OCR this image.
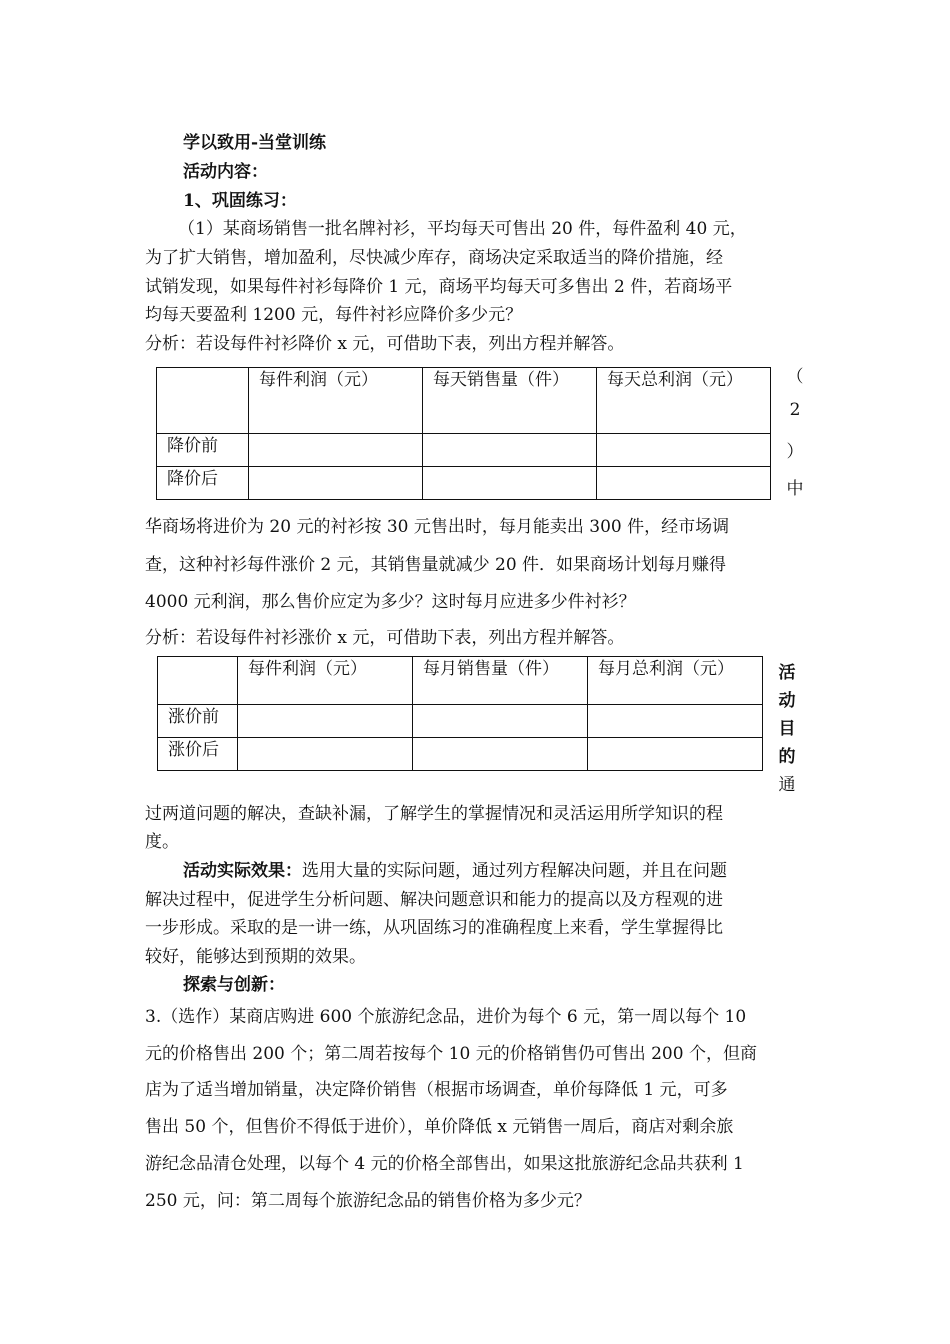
学以致用-当堂训练
活动内容：
1、巩固练习：
（1）某商场销售一批名牌衬衫，平均每天可售出 20 件，每件盈利 40 元，
为了扩大销售，增加盈利，尽快减少库存，商场决定采取适当的降价措施，经
试销发现，如果每件衬衫每降价 1 元，商场平均每天可多售出 2 件，若商场平
均每天要盈利 1200 元，每件衬衫应降价多少元？
分析：若设每件衬衫降价 x 元，可借助下表，列出方程并解答。
	每件利润（元）	每天销售量（件）	每天总利润（元）
降价前			
降价后			
（
2
）
中
华商场将进价为 20 元的衬衫按 30 元售出时，每月能卖出 300 件，经市场调
查，这种衬衫每件涨价 2 元，其销售量就减少 20 件．如果商场计划每月赚得
4000 元利润，那么售价应定为多少？这时每月应进多少件衬衫？
分析：若设每件衬衫涨价 x 元，可借助下表，列出方程并解答。
	每件利润（元）	每月销售量（件）	每月总利润（元）
涨价前			
涨价后			
活
动
目
的
通
过两道问题的解决，查缺补漏，了解学生的掌握情况和灵活运用所学知识的程
度。
活动实际效果：选用大量的实际问题，通过列方程解决问题，并且在问题
解决过程中，促进学生分析问题、解决问题意识和能力的提高以及方程观的进
一步形成。采取的是一讲一练，从巩固练习的准确程度上来看，学生掌握得比
较好，能够达到预期的效果。
探索与创新：
3.（选作）某商店购进 600 个旅游纪念品，进价为每个 6 元，第一周以每个 10
元的价格售出 200 个；第二周若按每个 10 元的价格销售仍可售出 200 个，但商
店为了适当增加销量，决定降价销售（根据市场调查，单价每降低 1 元，可多
售出 50 个，但售价不得低于进价），单价降低 x 元销售一周后，商店对剩余旅
游纪念品清仓处理，以每个 4 元的价格全部售出，如果这批旅游纪念品共获利 1
250 元，问：第二周每个旅游纪念品的销售价格为多少元？
